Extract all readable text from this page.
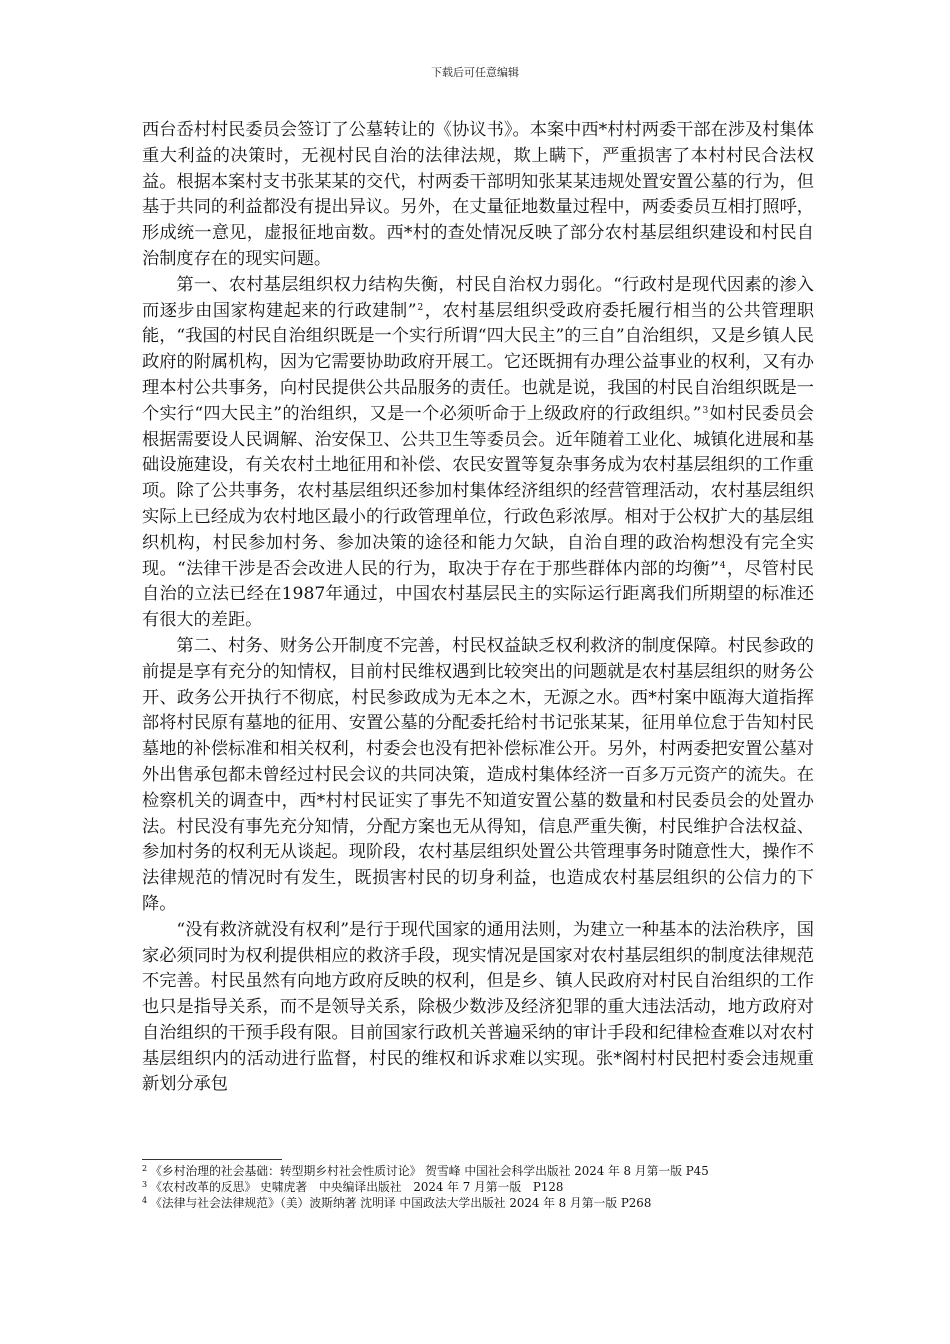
下载后可任意编辑

西台岙村村民委员会签订了公墓转让的《协议书》。本案中西*村村两委干部在涉及村集体重大利益的决策时，无视村民自治的法律法规，欺上瞒下，严重损害了本村村民合法权益。根据本案村支书张某某的交代，村两委干部明知张某某违规处置安置公墓的行为，但基于共同的利益都没有提出异议。另外，在丈量征地数量过程中，两委委员互相打照呼，形成统一意见，虚报征地亩数。西*村的查处情况反映了部分农村基层组织建设和村民自治制度存在的现实问题。

第一、农村基层组织权力结构失衡，村民自治权力弱化。“行政村是现代因素的渗入而逐步由国家构建起来的行政建制”$^2$，农村基层组织受政府委托履行相当的公共管理职能，“我国的村民自治组织既是一个实行所谓“四大民主”的三自”自治组织，又是乡镇人民政府的附属机构，因为它需要协助政府开展工。它还既拥有办理公益事业的权利，又有办理本村公共事务，向村民提供公共品服务的责任。也就是说，我国的村民自治组织既是一个实行“四大民主”的治组织，又是一个必须听命于上级政府的行政组织。”$^3$如村民委员会根据需要设人民调解、治安保卫、公共卫生等委员会。近年随着工业化、城镇化进展和基础设施建设，有关农村土地征用和补偿、农民安置等复杂事务成为农村基层组织的工作重项。除了公共事务，农村基层组织还参加村集体经济组织的经营管理活动，农村基层组织实际上已经成为农村地区最小的行政管理单位，行政色彩浓厚。相对于公权扩大的基层组织机构，村民参加村务、参加决策的途径和能力欠缺，自治自理的政治构想没有完全实现。“法律干涉是否会改进人民的行为，取决于存在于那些群体内部的均衡”$^4$，尽管村民自治的立法已经在1987年通过，中国农村基层民主的实际运行距离我们所期望的标准还有很大的差距。

第二、村务、财务公开制度不完善，村民权益缺乏权利救济的制度保障。村民参政的前提是享有充分的知情权，目前村民维权遇到比较突出的问题就是农村基层组织的财务公开、政务公开执行不彻底，村民参政成为无本之木，无源之水。西*村案中瓯海大道指挥部将村民原有墓地的征用、安置公墓的分配委托给村书记张某某，征用单位怠于告知村民墓地的补偿标准和相关权利，村委会也没有把补偿标准公开。另外，村两委把安置公墓对外出售承包都未曾经过村民会议的共同决策，造成村集体经济一百多万元资产的流失。在检察机关的调查中，西*村村民证实了事先不知道安置公墓的数量和村民委员会的处置办法。村民没有事先充分知情，分配方案也无从得知，信息严重失衡，村民维护合法权益、参加村务的权利无从谈起。现阶段，农村基层组织处置公共管理事务时随意性大，操作不法律规范的情况时有发生，既损害村民的切身利益，也造成农村基层组织的公信力的下降。

“没有救济就没有权利”是行于现代国家的通用法则，为建立一种基本的法治秩序，国家必须同时为权利提供相应的救济手段，现实情况是国家对农村基层组织的制度法律规范不完善。村民虽然有向地方政府反映的权利，但是乡、镇人民政府对村民自治组织的工作也只是指导关系，而不是领导关系，除极少数涉及经济犯罪的重大违法活动，地方政府对自治组织的干预手段有限。目前国家行政机关普遍采纳的审计手段和纪律检查难以对农村基层组织内的活动进行监督，村民的维权和诉求难以实现。张*阁村村民把村委会违规重新划分承包

$^2$ 《乡村治理的社会基础：转型期乡村社会性质讨论》 贺雪峰 中国社会科学出版社 2024 年 8 月第一版 P45

$^3$ 《农村改革的反思》 史啸虎著　中央编译出版社　2024 年 7 月第一版　P128

$^4$ 《法律与社会法律规范》（美）波斯纳著 沈明译 中国政法大学出版社 2024 年 8 月第一版 P268
